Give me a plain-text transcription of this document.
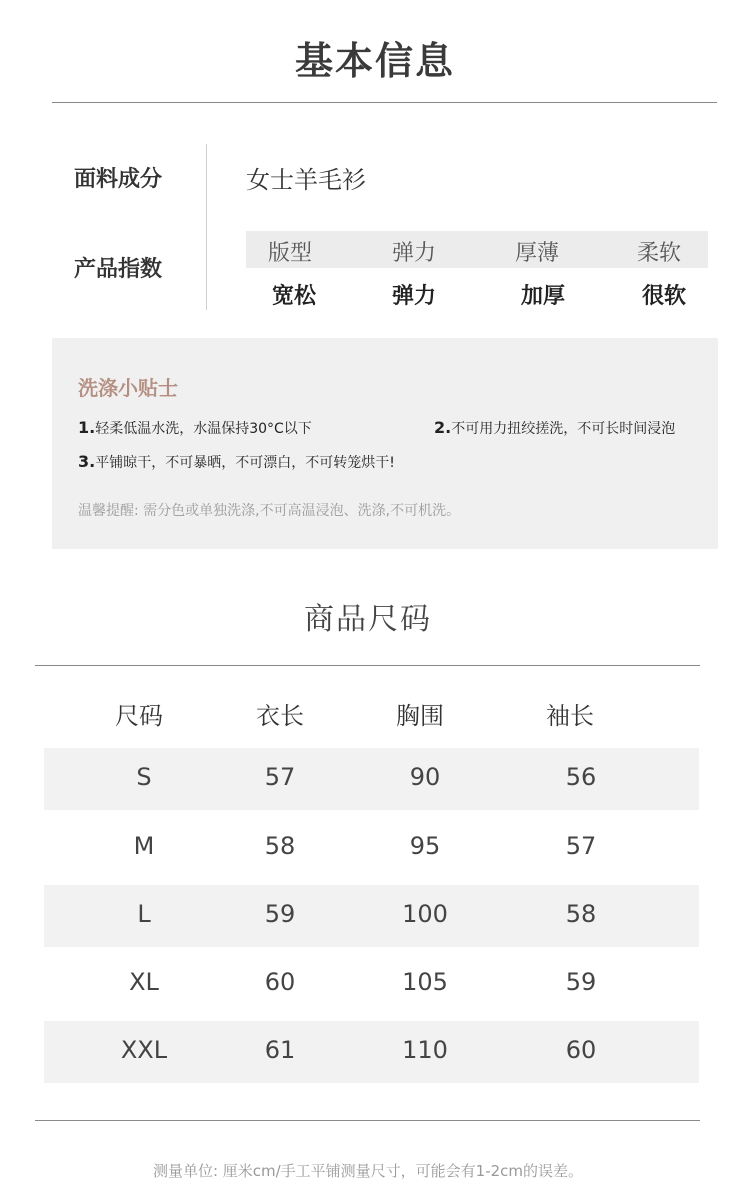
基本信息
面料成分	女士羊毛衫
产品指数
版型	弹力	厚薄	柔软
宽松	弹力	加厚	很软
洗涤小贴士
1.轻柔低温水洗，水温保持30°C以下	2.不可用力扭绞搓洗，不可长时间浸泡
3.平铺晾干，不可暴晒，不可漂白，不可转笼烘干!
温馨提醒: 需分色或单独洗涤,不可高温浸泡、洗涤,不可机洗。
商品尺码
尺码	衣长	胸围	袖长
S	57	90	56
M	58	95	57
L	59	100	58
XL	60	105	59
XXL	61	110	60
测量单位: 厘米cm/手工平铺测量尺寸，可能会有1-2cm的误差。
